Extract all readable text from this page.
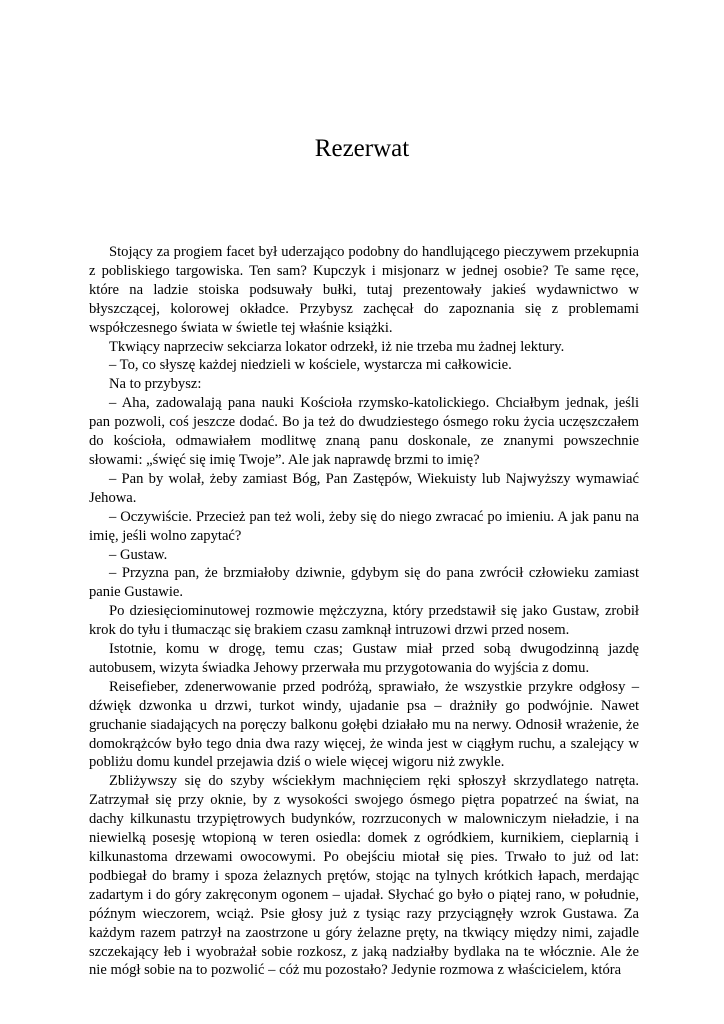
Rezerwat

Stojący za progiem facet był uderzająco podobny do handlującego pieczywem przekupnia z pobliskiego targowiska. Ten sam? Kupczyk i misjonarz w jednej osobie? Te same ręce, które na ladzie stoiska podsuwały bułki, tutaj prezentowały jakieś wydawnictwo w błyszczącej, kolorowej okładce. Przybysz zachęcał do zapoznania się z problemami współczesnego świata w świetle tej właśnie książki.

Tkwiący naprzeciw sekciarza lokator odrzekł, iż nie trzeba mu żadnej lektury.

– To, co słyszę każdej niedzieli w kościele, wystarcza mi całkowicie.

Na to przybysz:

– Aha, zadowalają pana nauki Kościoła rzymsko-katolickiego. Chciałbym jednak, jeśli pan pozwoli, coś jeszcze dodać. Bo ja też do dwudziestego ósmego roku życia uczęszczałem do kościoła, odmawiałem modlitwę znaną panu doskonale, ze znanymi powszechnie słowami: „święć się imię Twoje”. Ale jak naprawdę brzmi to imię?

– Pan by wolał, żeby zamiast Bóg, Pan Zastępów, Wiekuisty lub Najwyższy wymawiać Jehowa.

– Oczywiście. Przecież pan też woli, żeby się do niego zwracać po imieniu. A jak panu na imię, jeśli wolno zapytać?

– Gustaw.

– Przyzna pan, że brzmiałoby dziwnie, gdybym się do pana zwrócił człowieku zamiast panie Gustawie.

Po dziesięciominutowej rozmowie mężczyzna, który przedstawił się jako Gustaw, zrobił krok do tyłu i tłumacząc się brakiem czasu zamknął intruzowi drzwi przed nosem.

Istotnie, komu w drogę, temu czas; Gustaw miał przed sobą dwugodzinną jazdę autobusem, wizyta świadka Jehowy przerwała mu przygotowania do wyjścia z domu.

Reisefieber, zdenerwowanie przed podróżą, sprawiało, że wszystkie przykre odgłosy – dźwięk dzwonka u drzwi, turkot windy, ujadanie psa – drażniły go podwójnie. Nawet gruchanie siadających na poręczy balkonu gołębi działało mu na nerwy. Odnosił wrażenie, że domokrążców było tego dnia dwa razy więcej, że winda jest w ciągłym ruchu, a szalejący w pobliżu domu kundel przejawia dziś o wiele więcej wigoru niż zwykle.

Zbliżywszy się do szyby wściekłym machnięciem ręki spłoszył skrzydlatego natręta. Zatrzymał się przy oknie, by z wysokości swojego ósmego piętra popatrzeć na świat, na dachy kilkunastu trzypiętrowych budynków, rozrzuconych w malowniczym nieładzie, i na niewielką posesję wtopioną w teren osiedla: domek z ogródkiem, kurnikiem, cieplarnią i kilkunastoma drzewami owocowymi. Po obejściu miotał się pies. Trwało to już od lat: podbiegał do bramy i spoza żelaznych prętów, stojąc na tylnych krótkich łapach, merdając zadartym i do góry zakręconym ogonem – ujadał. Słychać go było o piątej rano, w południe, późnym wieczorem, wciąż. Psie głosy już z tysiąc razy przyciągnęły wzrok Gustawa. Za każdym razem patrzył na zaostrzone u góry żelazne pręty, na tkwiący między nimi, zajadle szczekający łeb i wyobrażał sobie rozkosz, z jaką nadziałby bydlaka na te włócznie. Ale że nie mógł sobie na to pozwolić – cóż mu pozostało? Jedynie rozmowa z właścicielem, która
